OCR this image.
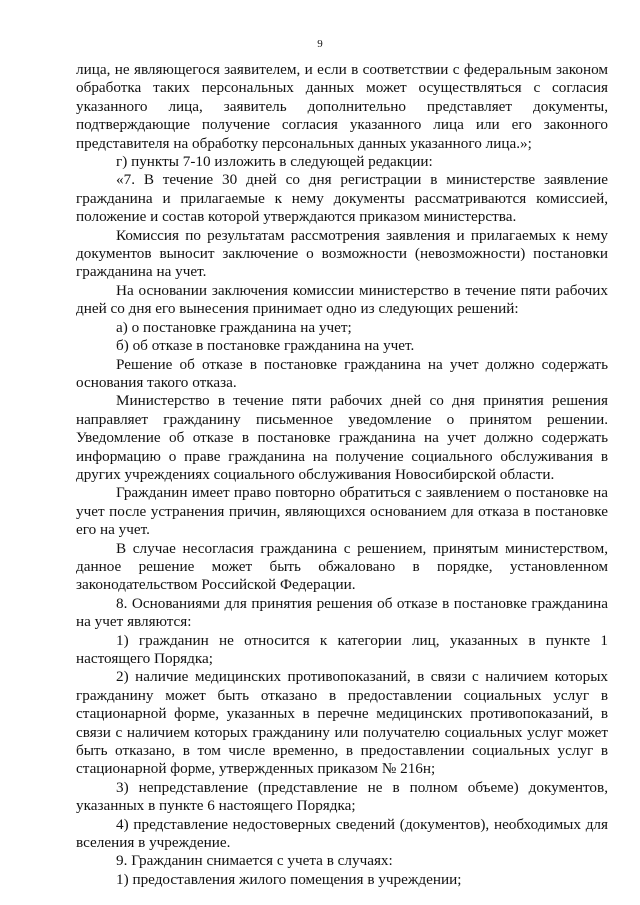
9

лица, не являющегося заявителем, и если в соответствии с федеральным законом обработка таких персональных данных может осуществляться с согласия указанного лица, заявитель дополнительно представляет документы, подтверждающие получение согласия указанного лица или его законного представителя на обработку персональных данных указанного лица.»;

г) пункты 7-10 изложить в следующей редакции:

«7. В течение 30 дней со дня регистрации в министерстве заявление гражданина и прилагаемые к нему документы рассматриваются комиссией, положение и состав которой утверждаются приказом министерства.

Комиссия по результатам рассмотрения заявления и прилагаемых к нему документов выносит заключение о возможности (невозможности) постановки гражданина на учет.

На основании заключения комиссии министерство в течение пяти рабочих дней со дня его вынесения принимает одно из следующих решений:

а) о постановке гражданина на учет;

б) об отказе в постановке гражданина на учет.

Решение об отказе в постановке гражданина на учет должно содержать основания такого отказа.

Министерство в течение пяти рабочих дней со дня принятия решения направляет гражданину письменное уведомление о принятом решении. Уведомление об отказе в постановке гражданина на учет должно содержать информацию о праве гражданина на получение социального обслуживания в других учреждениях социального обслуживания Новосибирской области.

Гражданин имеет право повторно обратиться с заявлением о постановке на учет после устранения причин, являющихся основанием для отказа в постановке его на учет.

В случае несогласия гражданина с решением, принятым министерством, данное решение может быть обжаловано в порядке, установленном законодательством Российской Федерации.

8. Основаниями для принятия решения об отказе в постановке гражданина на учет являются:

1) гражданин не относится к категории лиц, указанных в пункте 1 настоящего Порядка;

2) наличие медицинских противопоказаний, в связи с наличием которых гражданину может быть отказано в предоставлении социальных услуг в стационарной форме, указанных в перечне медицинских противопоказаний, в связи с наличием которых гражданину или получателю социальных услуг может быть отказано, в том числе временно, в предоставлении социальных услуг в стационарной форме, утвержденных приказом № 216н;

3) непредставление (представление не в полном объеме) документов, указанных в пункте 6 настоящего Порядка;

4) представление недостоверных сведений (документов), необходимых для вселения в учреждение.

9. Гражданин снимается с учета в случаях:

1) предоставления жилого помещения в учреждении;
